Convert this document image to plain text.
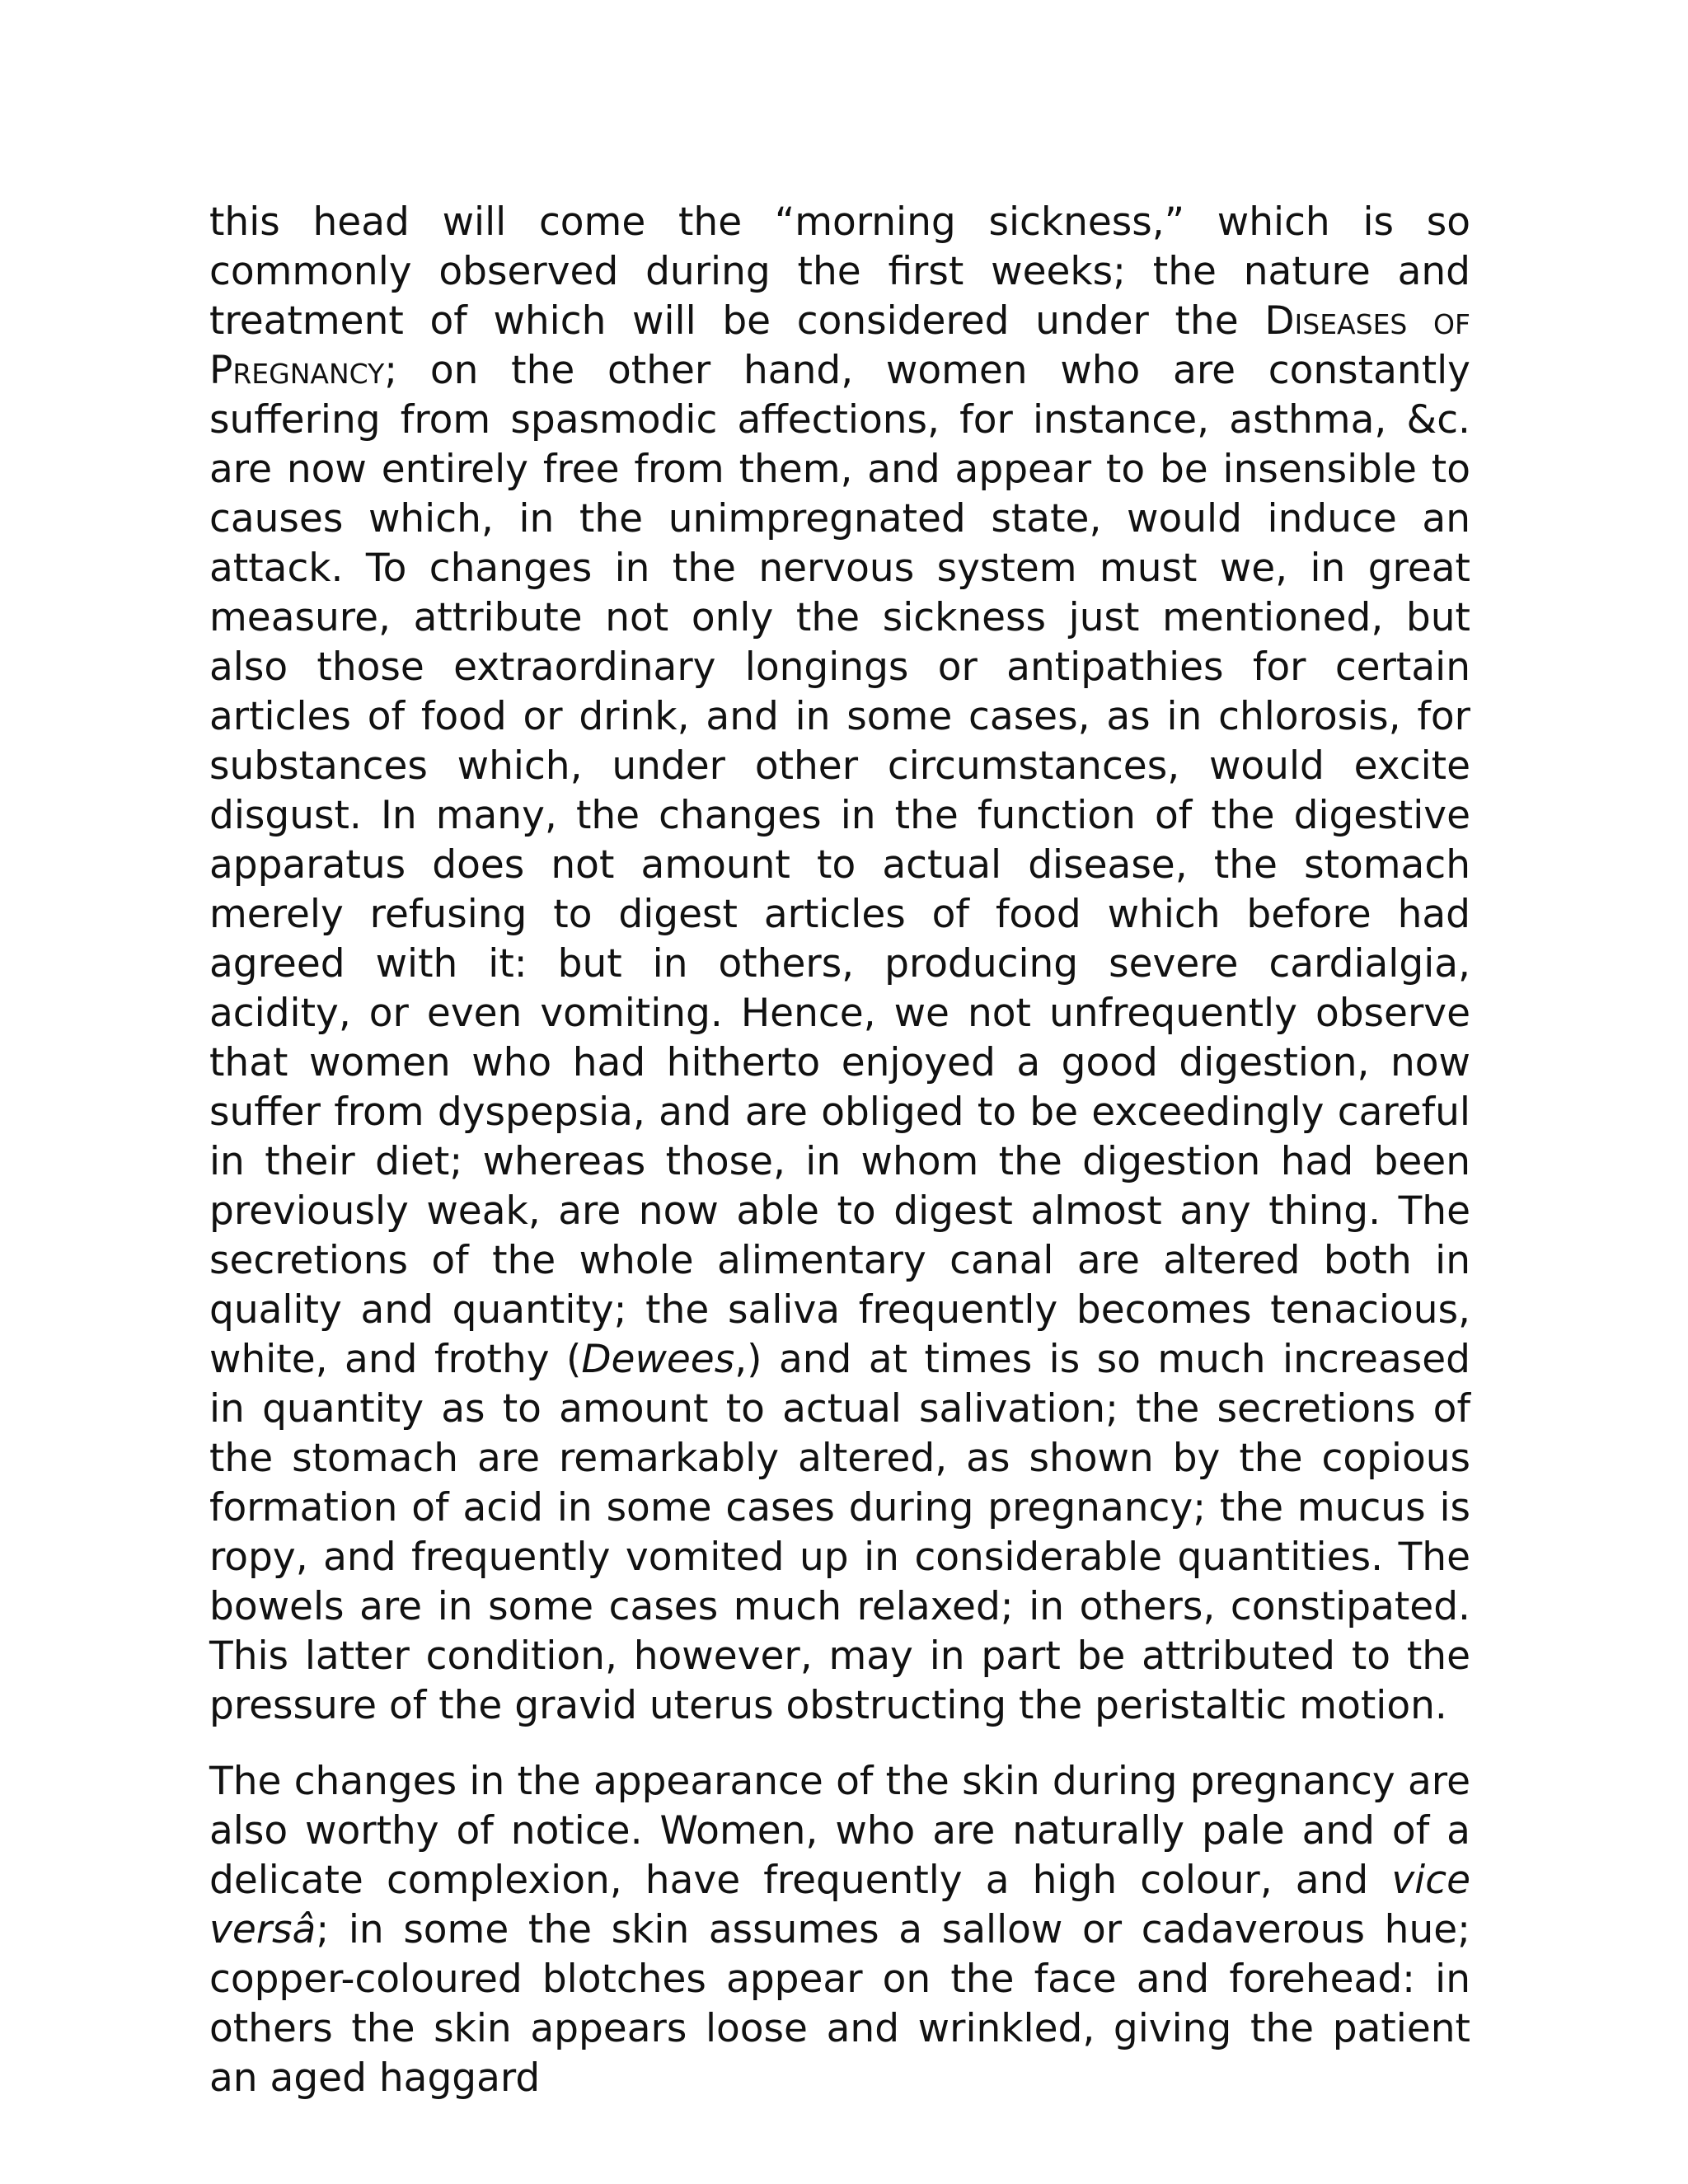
this head will come the “morning sickness,” which is so commonly observed during the first weeks; the nature and treatment of which will be considered under the Diseases of Pregnancy; on the other hand, women who are constantly suffering from spasmodic affections, for instance, asthma, &c. are now entirely free from them, and appear to be insensible to causes which, in the unimpregnated state, would induce an attack. To changes in the nervous system must we, in great measure, attribute not only the sickness just mentioned, but also those extraordinary longings or antipathies for certain articles of food or drink, and in some cases, as in chlorosis, for substances which, under other circumstances, would excite disgust. In many, the changes in the function of the digestive apparatus does not amount to actual disease, the stomach merely refusing to digest articles of food which before had agreed with it: but in others, producing severe cardialgia, acidity, or even vomiting. Hence, we not unfrequently observe that women who had hitherto enjoyed a good digestion, now suffer from dyspepsia, and are obliged to be exceedingly careful in their diet; whereas those, in whom the digestion had been previously weak, are now able to digest almost any thing. The secretions of the whole alimentary canal are altered both in quality and quantity; the saliva frequently becomes tenacious, white, and frothy (Dewees,) and at times is so much increased in quantity as to amount to actual salivation; the secretions of the stomach are remarkably altered, as shown by the copious formation of acid in some cases during pregnancy; the mucus is ropy, and frequently vomited up in considerable quantities. The bowels are in some cases much relaxed; in others, constipated. This latter condition, however, may in part be attributed to the pressure of the gravid uterus obstructing the peristaltic motion.

The changes in the appearance of the skin during pregnancy are also worthy of notice. Women, who are naturally pale and of a delicate complexion, have frequently a high colour, and vice versâ; in some the skin assumes a sallow or cadaverous hue; copper-coloured blotches appear on the face and forehead: in others the skin appears loose and wrinkled, giving the patient an aged haggard
